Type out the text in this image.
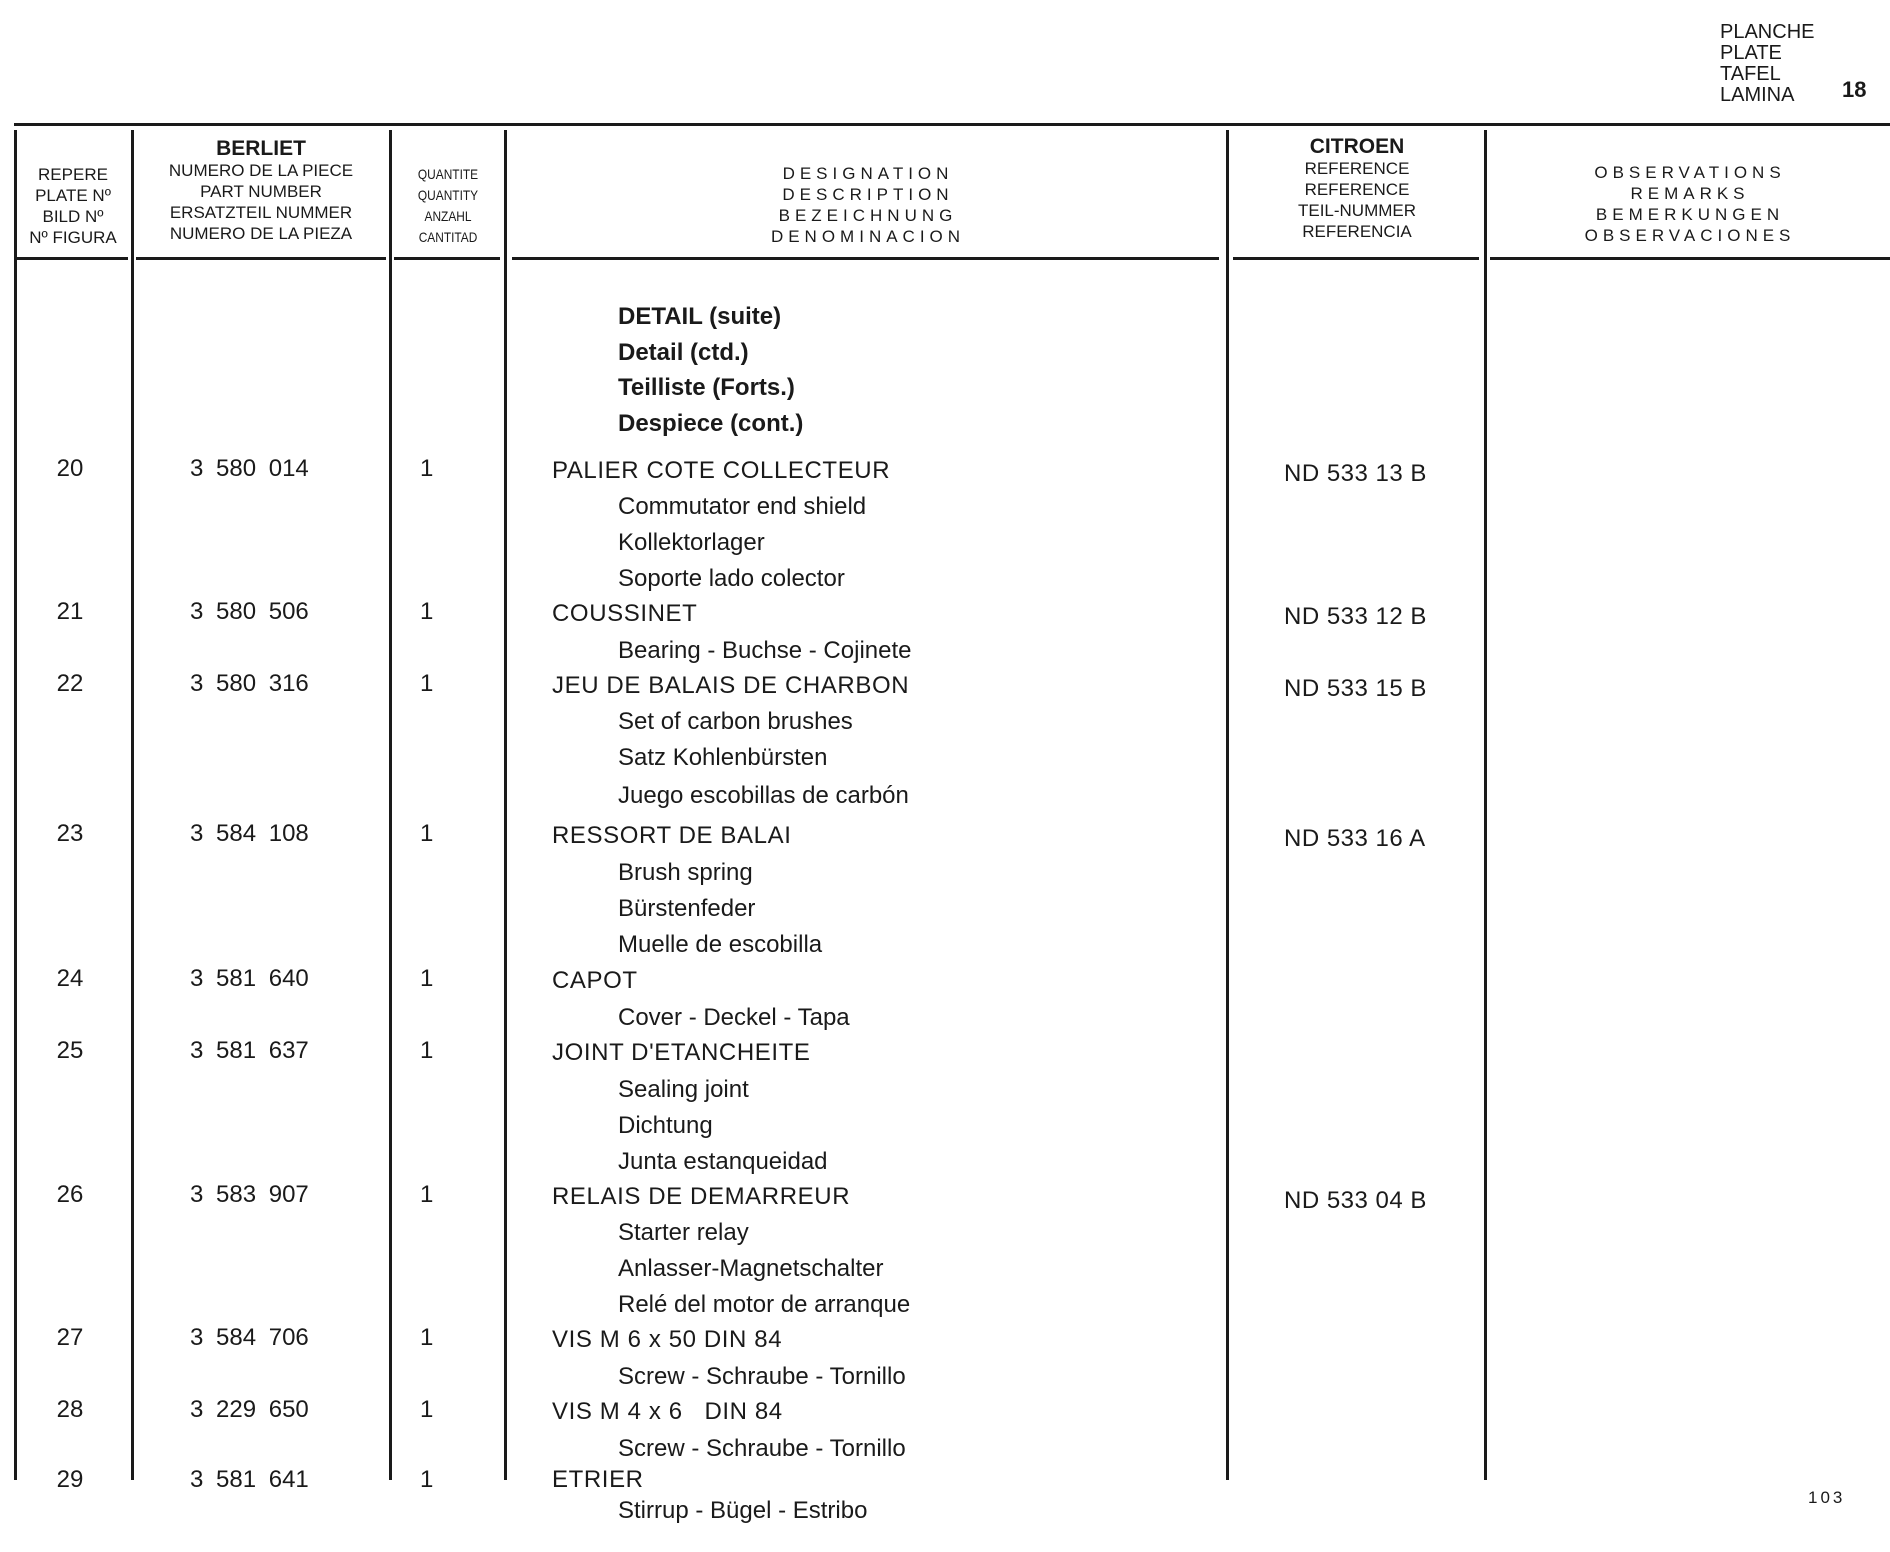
PLANCHE
PLATE
TAFEL
LAMINA	18
REPERE
PLATE Nº
BILD Nº
Nº FIGURA
BERLIET
NUMERO DE LA PIECE
PART NUMBER
ERSATZTEIL NUMMER
NUMERO DE LA PIEZA
QUANTITE
QUANTITY
ANZAHL
CANTITAD
DESIGNATION
DESCRIPTION
BEZEICHNUNG
DENOMINACION
CITROEN
REFERENCE
REFERENCE
TEIL-NUMMER
REFERENCIA
OBSERVATIONS
REMARKS
BEMERKUNGEN
OBSERVACIONES
DETAIL (suite)
Detail (ctd.)
Teilliste (Forts.)
Despiece (cont.)
20	3 580 014	1	PALIER COTE COLLECTEUR	ND 533 13 B
Commutator end shield
Kollektorlager
Soporte lado colector
21	3 580 506	1	COUSSINET	ND 533 12 B
Bearing - Buchse - Cojinete
22	3 580 316	1	JEU DE BALAIS DE CHARBON	ND 533 15 B
Set of carbon brushes
Satz Kohlenbürsten
Juego escobillas de carbón
23	3 584 108	1	RESSORT DE BALAI	ND 533 16 A
Brush spring
Bürstenfeder
Muelle de escobilla
24	3 581 640	1	CAPOT
Cover - Deckel - Tapa
25	3 581 637	1	JOINT D'ETANCHEITE
Sealing joint
Dichtung
Junta estanqueidad
26	3 583 907	1	RELAIS DE DEMARREUR	ND 533 04 B
Starter relay
Anlasser-Magnetschalter
Relé del motor de arranque
27	3 584 706	1	VIS M 6 x 50 DIN 84
Screw - Schraube - Tornillo
28	3 229 650	1	VIS M 4 x 6   DIN 84
Screw - Schraube - Tornillo
29	3 581 641	1	ETRIER
Stirrup - Bügel - Estribo	103
